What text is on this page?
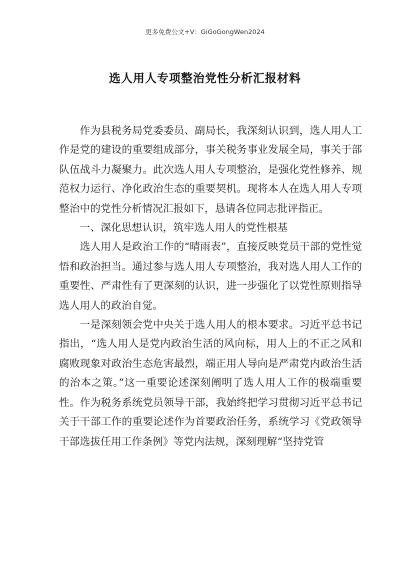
更多免费公文+V：GiGoGongWen2024
选人用人专项整治党性分析汇报材料

作为县税务局党委委员、副局长，我深刻认识到，选人用人工作是党的建设的重要组成部分，事关税务事业发展全局，事关于部队伍战斗力凝聚力。此次选人用人专项整治，是强化党性修养、规范权力运行、净化政治生态的重要契机。现将本人在选人用人专项整治中的党性分析情况汇报如下，恳请各位同志批评指正。

一、深化思想认识，筑牢选人用人的党性根基

选人用人是政治工作的“晴雨表”，直接反映党员干部的党性觉悟和政治担当。通过参与选人用人专项整治，我对选人用人工作的重要性、严肃性有了更深刻的认识，进一步强化了以党性原则指导选人用人的政治自觉。

一是深刻领会党中央关于选人用人的根本要求。习近平总书记指出，“选人用人是党内政治生活的风向标，用人上的不正之风和腐败现象对政治生态危害最烈，端正用人导向是严肃党内政治生活的治本之策。”这一重要论述深刻阐明了选人用人工作的极端重要性。作为税务系统党员领导干部，我始终把学习贯彻习近平总书记关于干部工作的重要论述作为首要政治任务，系统学习《党政领导干部选拔任用工作条例》等党内法规，深刻理解“坚持党管
